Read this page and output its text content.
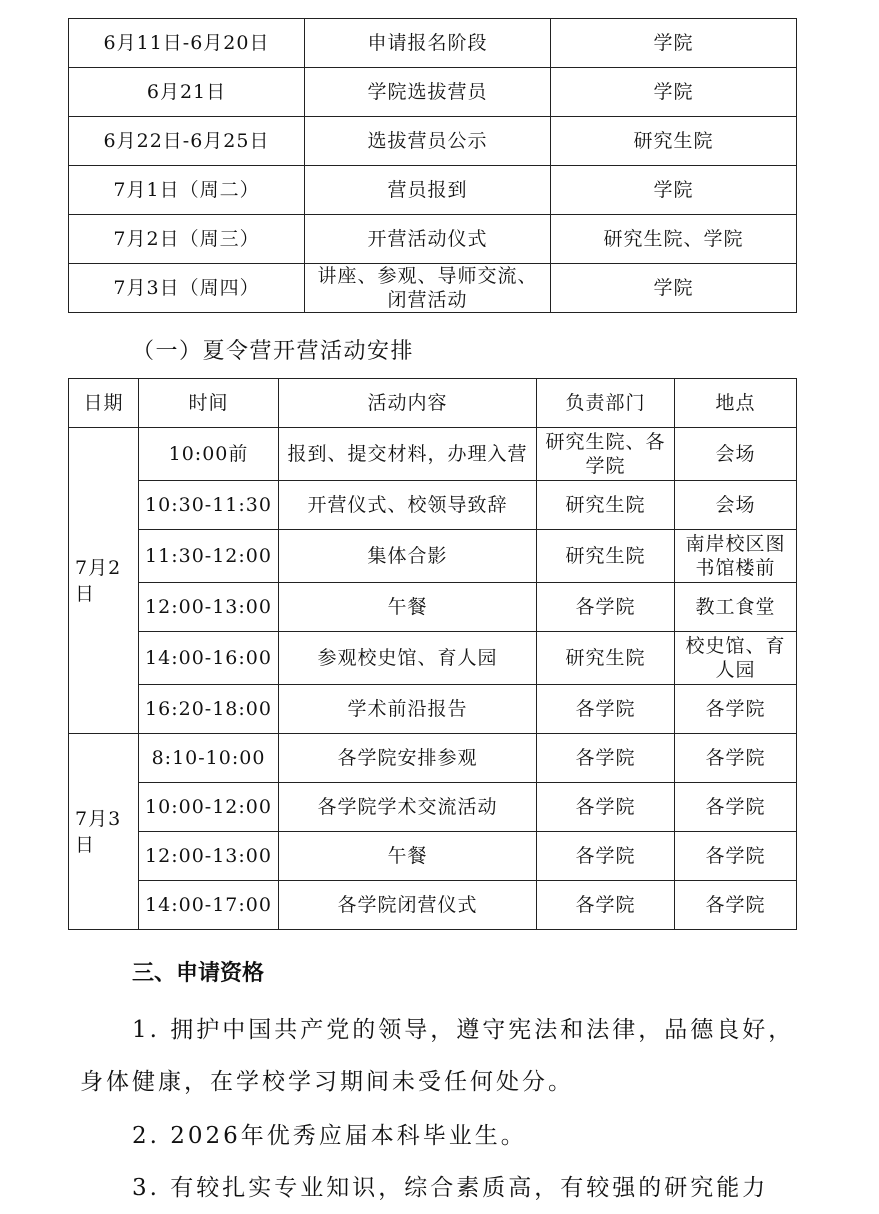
6月11日-6月20日	申请报名阶段	学院
6月21日	学院选拔营员	学院
6月22日-6月25日	选拔营员公示	研究生院
7月1日（周二）	营员报到	学院
7月2日（周三）	开营活动仪式	研究生院、学院
7月3日（周四）	讲座、参观、导师交流、闭营活动	学院

（一）夏令营开营活动安排

日期	时间	活动内容	负责部门	地点
7月2日	10:00前	报到、提交材料，办理入营	研究生院、各学院	会场
	10:30-11:30	开营仪式、校领导致辞	研究生院	会场
	11:30-12:00	集体合影	研究生院	南岸校区图书馆楼前
	12:00-13:00	午餐	各学院	教工食堂
	14:00-16:00	参观校史馆、育人园	研究生院	校史馆、育人园
	16:20-18:00	学术前沿报告	各学院	各学院
7月3日	8:10-10:00	各学院安排参观	各学院	各学院
	10:00-12:00	各学院学术交流活动	各学院	各学院
	12:00-13:00	午餐	各学院	各学院
	14:00-17:00	各学院闭营仪式	各学院	各学院
三、申请资格

1. 拥护中国共产党的领导，遵守宪法和法律，品德良好，

身体健康，在学校学习期间未受任何处分。

2. 2026年优秀应届本科毕业生。

3. 有较扎实专业知识，综合素质高，有较强的研究能力
